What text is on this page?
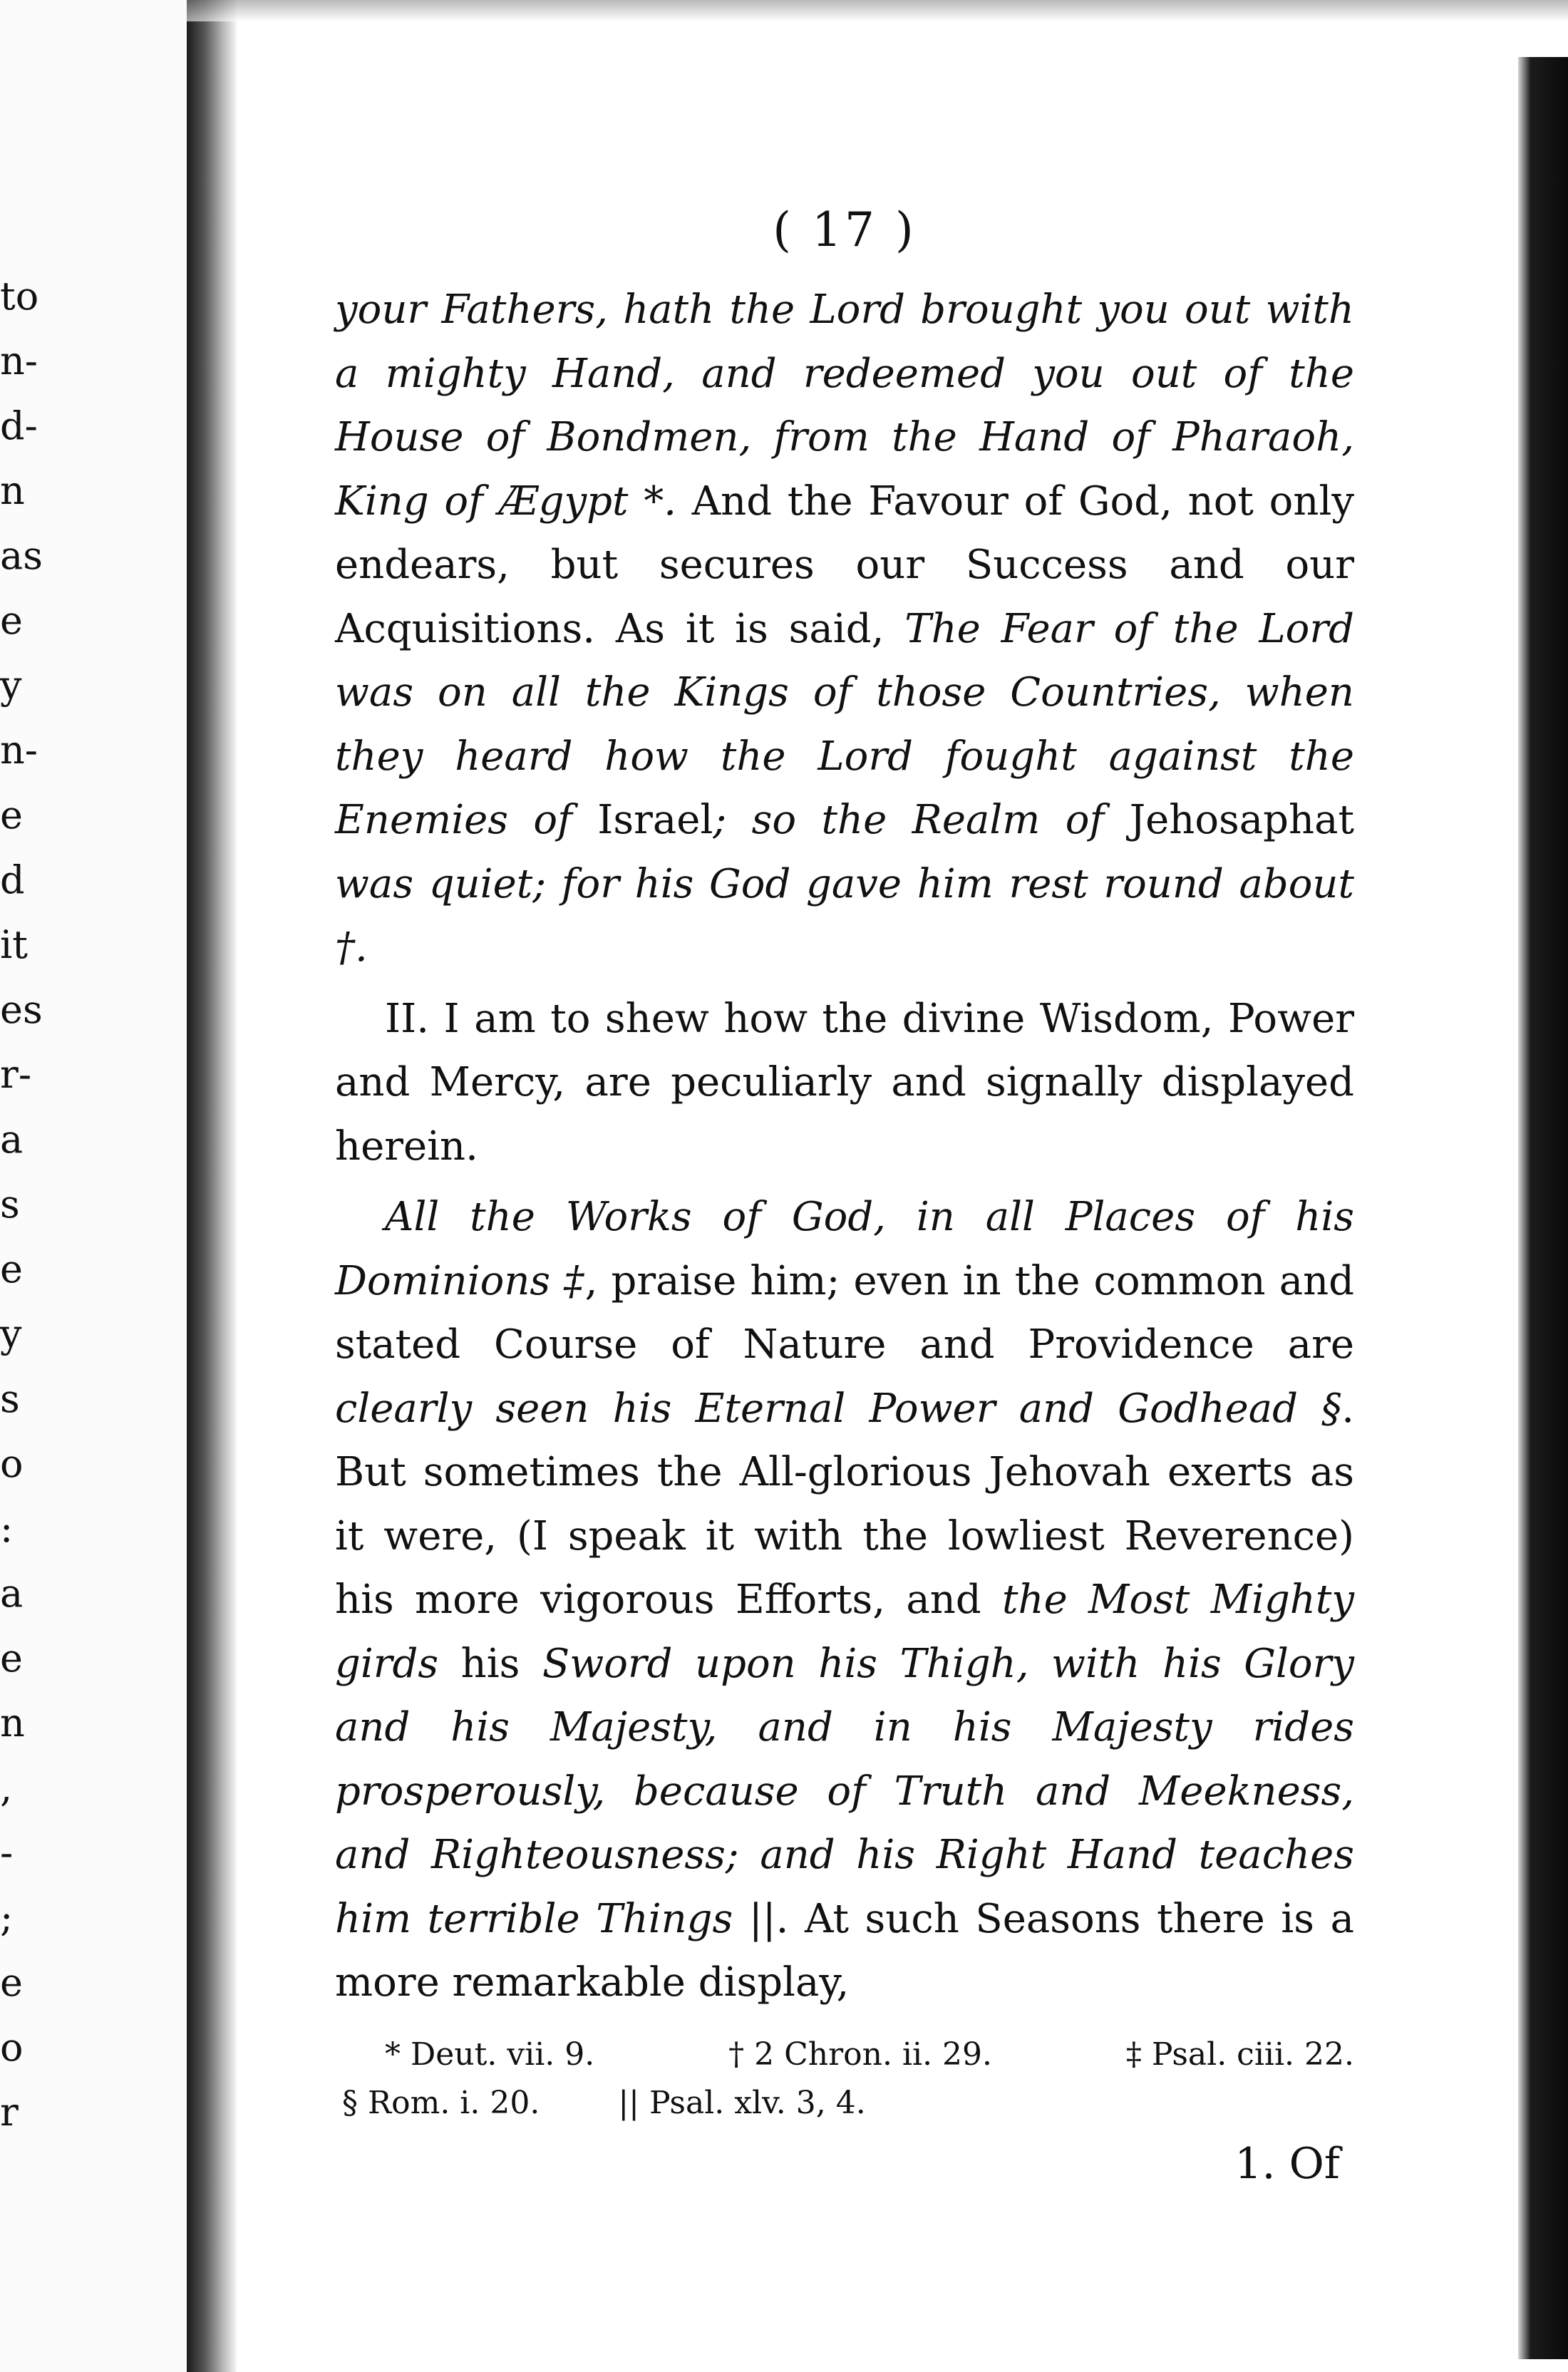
to
n-
d-
n
as
e
y
n-
e
d
it
es
r-
a
s
e
y
s
o
:
a
e
n
,
-
;
e
o
r
( 17 )

your Fathers, hath the Lord brought you out with a mighty Hand, and redeemed you out of the House of Bondmen, from the Hand of Pharaoh, King of Ægypt *. And the Favour of God, not only endears, but secures our Success and our Acquisitions. As it is said, The Fear of the Lord was on all the Kings of those Countries, when they heard how the Lord fought against the Enemies of Israel; so the Realm of Jehosaphat was quiet; for his God gave him rest round about †.

II. I am to shew how the divine Wisdom, Power and Mercy, are peculiarly and signally displayed herein.

All the Works of God, in all Places of his Dominions ‡, praise him; even in the common and stated Course of Nature and Providence are clearly seen his Eternal Power and Godhead §. But sometimes the All-glorious Jehovah exerts as it were, (I speak it with the lowliest Reverence) his more vigorous Efforts, and the Most Mighty girds his Sword upon his Thigh, with his Glory and his Majesty, and in his Majesty rides prosperously, because of Truth and Meekness, and Righteousness; and his Right Hand teaches him terrible Things ||. At such Seasons there is a more remarkable display,

* Deut. vii. 9.	† 2 Chron. ii. 29.	‡ Psal. ciii. 22.
§ Rom. i. 20.	|| Psal. xlv. 3, 4.
1. Of
